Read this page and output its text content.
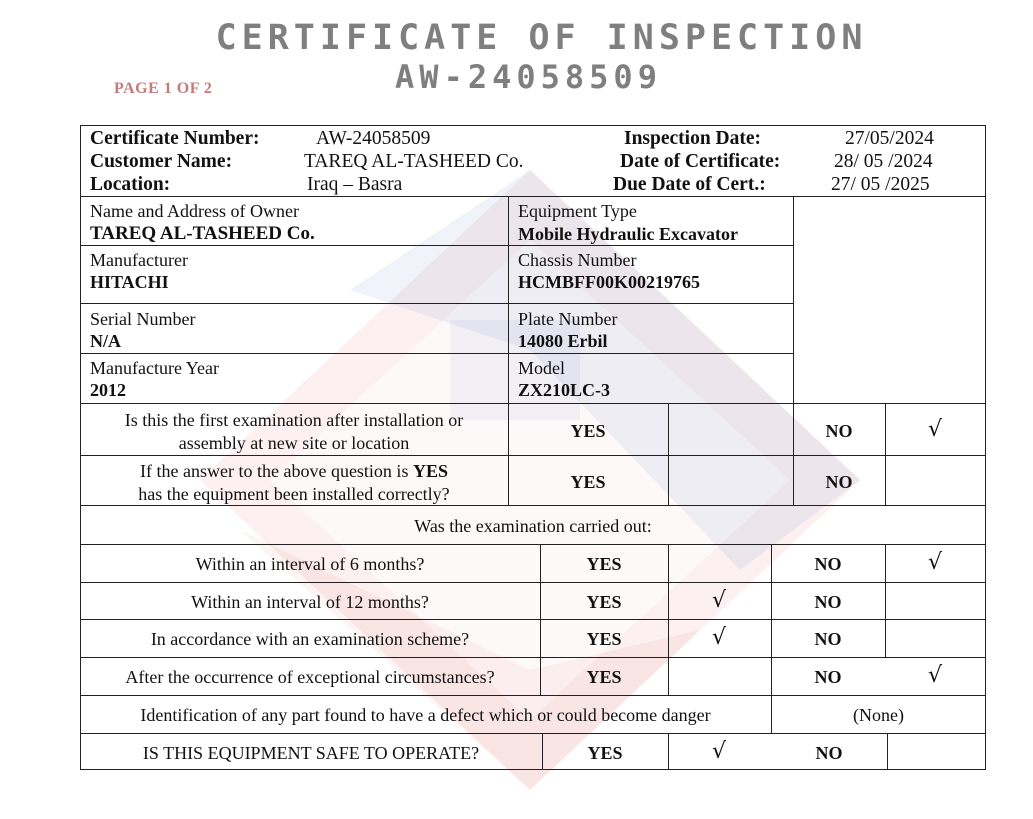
CERTIFICATE OF INSPECTION
AW-24058509
PAGE 1 OF 2
Certificate Number:	AW-24058509
Customer Name:	TAREQ AL-TASHEED Co.
Location:	Iraq – Basra
Inspection Date:	27/05/2024
Date of Certificate:	28/ 05 /2024
Due Date of Cert.:	27/ 05 /2025
Name and Address of Owner
TAREQ AL-TASHEED Co.
Equipment Type
Mobile Hydraulic Excavator
Manufacturer
HITACHI
Chassis Number
HCMBFF00K00219765
Serial Number
N/A
Plate Number
14080 Erbil
Manufacture Year
2012
Model
ZX210LC-3
Is this the first examination after installation or
assembly at new site or location
YES	NO	√
If the answer to the above question is YES
has the equipment been installed correctly?
YES	NO
Was the examination carried out:
Within an interval of 6 months?	YES	NO	√
Within an interval of 12 months?	YES	√	NO
In accordance with an examination scheme?	YES	√	NO
After the occurrence of exceptional circumstances?	YES	NO	√
Identification of any part found to have a defect which or could become danger	(None)
IS THIS EQUIPMENT SAFE TO OPERATE?	YES	√	NO
